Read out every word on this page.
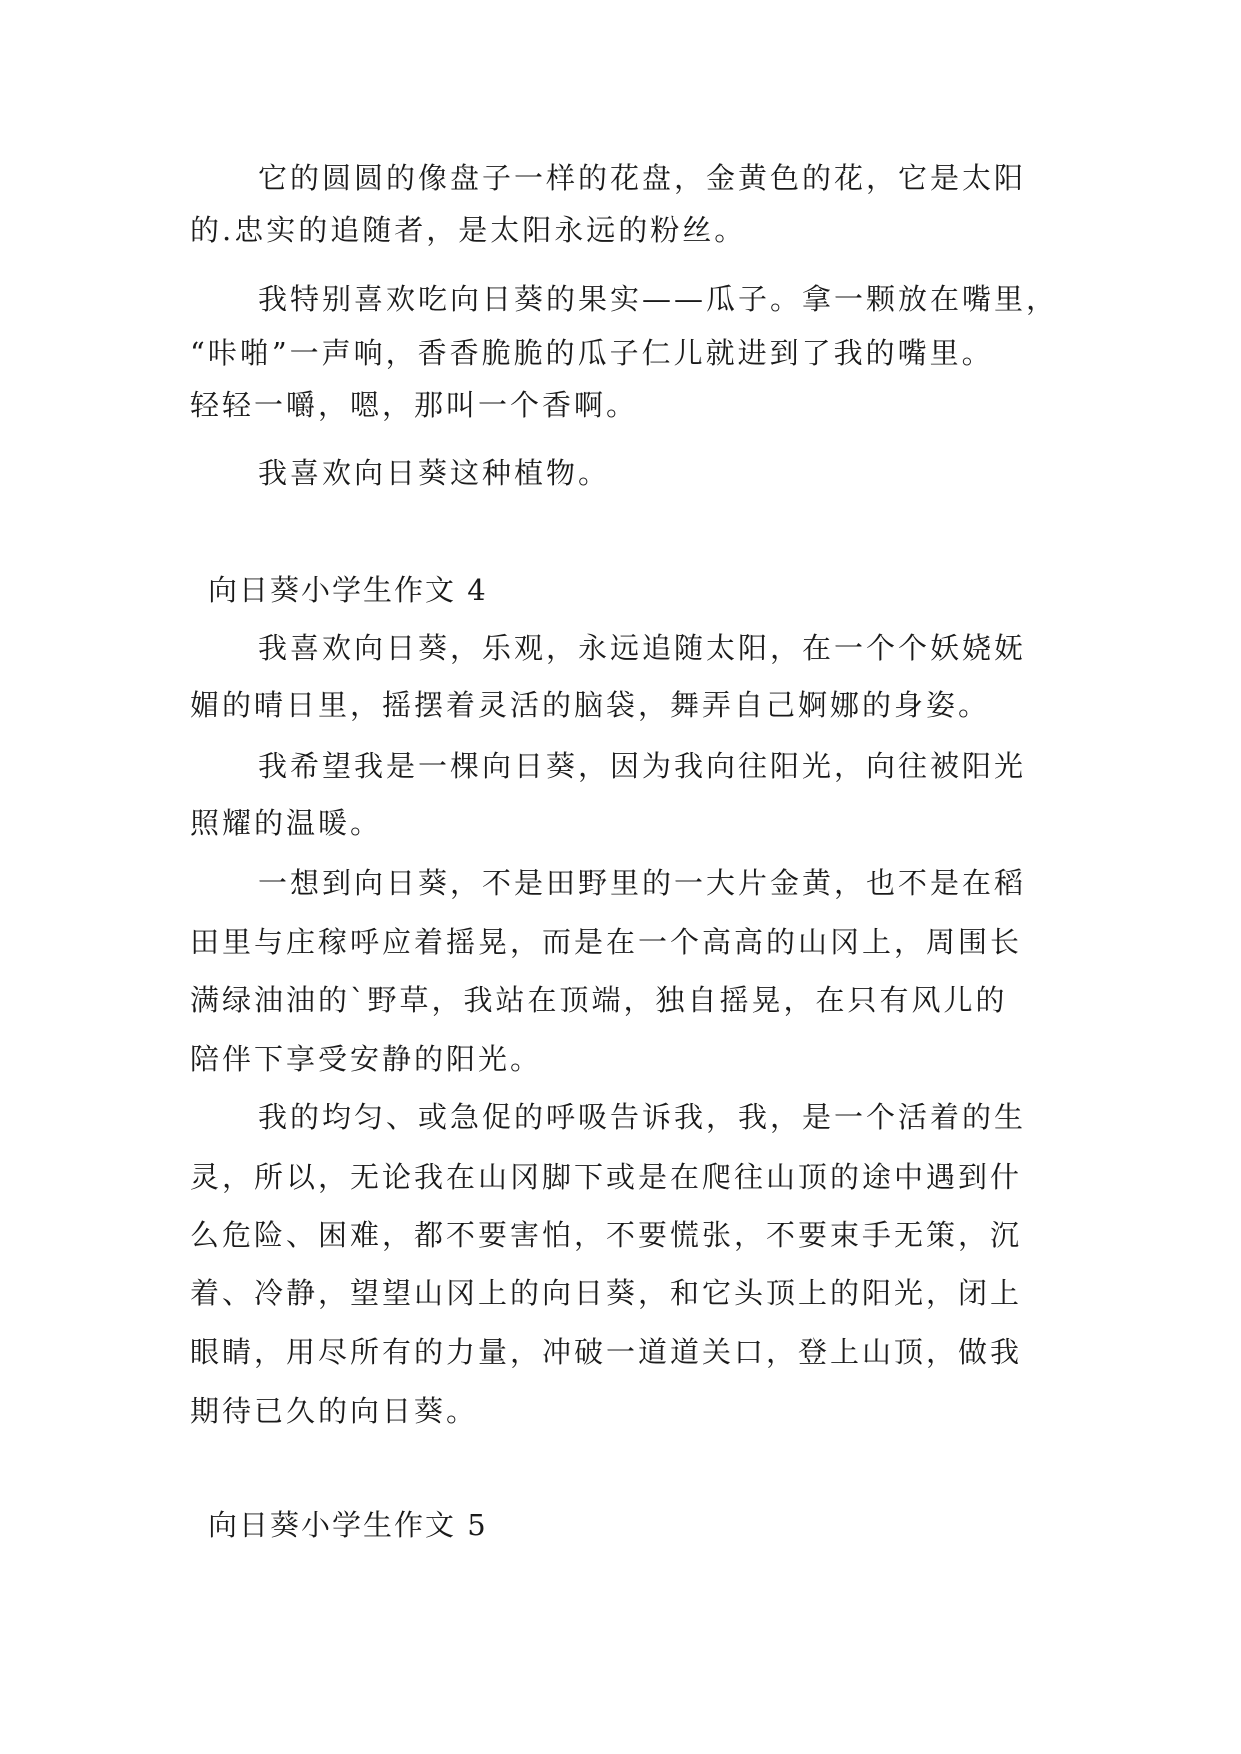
它的圆圆的像盘子一样的花盘，金黄色的花，它是太阳
的.忠实的追随者，是太阳永远的粉丝。
我特别喜欢吃向日葵的果实——瓜子。拿一颗放在嘴里，
“咔啪”一声响，香香脆脆的瓜子仁儿就进到了我的嘴里。
轻轻一嚼，嗯，那叫一个香啊。
我喜欢向日葵这种植物。
向日葵小学生作文 4
我喜欢向日葵，乐观，永远追随太阳，在一个个妖娆妩
媚的晴日里，摇摆着灵活的脑袋，舞弄自己婀娜的身姿。
我希望我是一棵向日葵，因为我向往阳光，向往被阳光
照耀的温暖。
一想到向日葵，不是田野里的一大片金黄，也不是在稻
田里与庄稼呼应着摇晃，而是在一个高高的山冈上，周围长
满绿油油的`野草，我站在顶端，独自摇晃，在只有风儿的
陪伴下享受安静的阳光。
我的均匀、或急促的呼吸告诉我，我，是一个活着的生
灵，所以，无论我在山冈脚下或是在爬往山顶的途中遇到什
么危险、困难，都不要害怕，不要慌张，不要束手无策，沉
着、冷静，望望山冈上的向日葵，和它头顶上的阳光，闭上
眼睛，用尽所有的力量，冲破一道道关口，登上山顶，做我
期待已久的向日葵。
向日葵小学生作文 5
